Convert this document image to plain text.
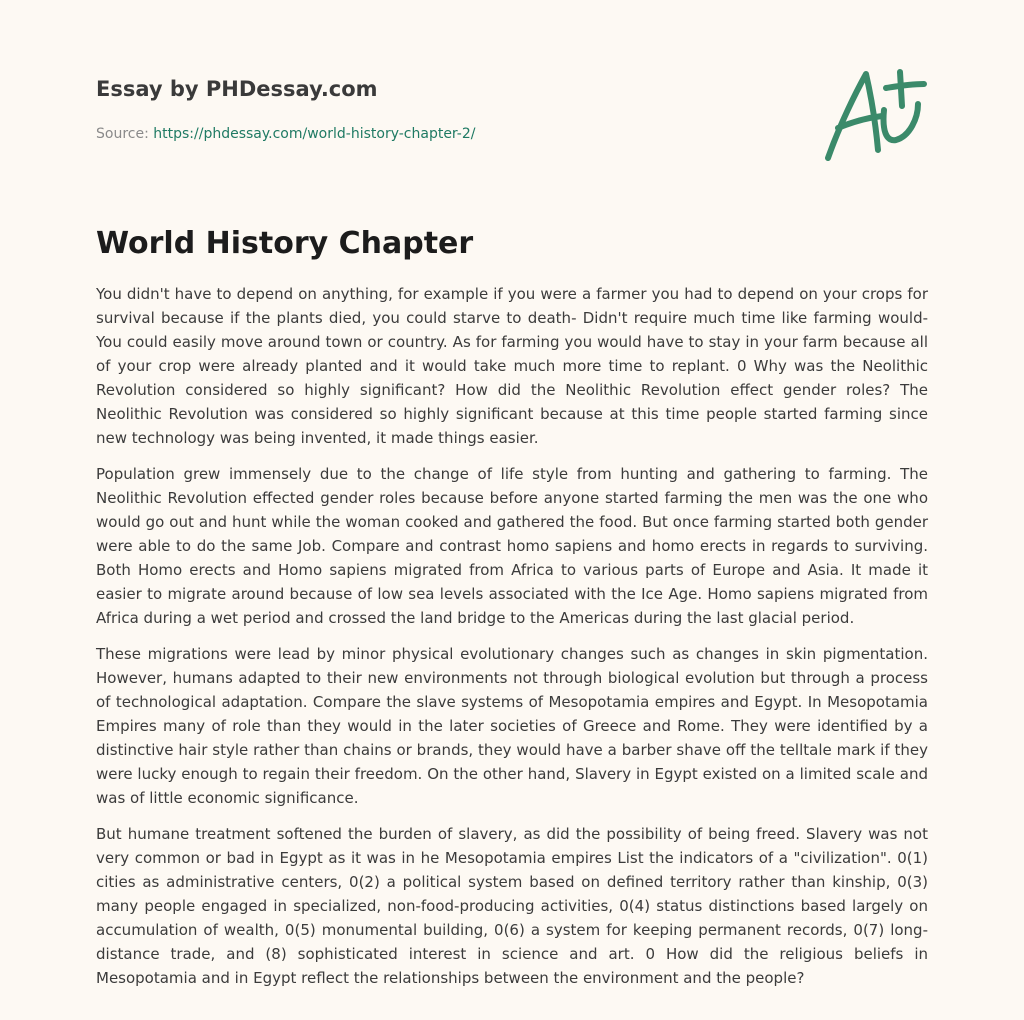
Essay by PHDessay.com
Source: https://phdessay.com/world-history-chapter-2/
World History Chapter

You didn't have to depend on anything, for example if you were a farmer you had to depend on your crops for survival because if the plants died, you could starve to death- Didn't require much time like farming would- You could easily move around town or country. As for farming you would have to stay in your farm because all of your crop were already planted and it would take much more time to replant. 0 Why was the Neolithic Revolution considered so highly significant? How did the Neolithic Revolution effect gender roles? The Neolithic Revolution was considered so highly significant because at this time people started farming since new technology was being invented, it made things easier.

Population grew immensely due to the change of life style from hunting and gathering to farming. The Neolithic Revolution effected gender roles because before anyone started farming the men was the one who would go out and hunt while the woman cooked and gathered the food. But once farming started both gender were able to do the same Job. Compare and contrast homo sapiens and homo erects in regards to surviving. Both Homo erects and Homo sapiens migrated from Africa to various parts of Europe and Asia. It made it easier to migrate around because of low sea levels associated with the Ice Age. Homo sapiens migrated from Africa during a wet period and crossed the land bridge to the Americas during the last glacial period.

These migrations were lead by minor physical evolutionary changes such as changes in skin pigmentation. However, humans adapted to their new environments not through biological evolution but through a process of technological adaptation. Compare the slave systems of Mesopotamia empires and Egypt. In Mesopotamia Empires many of role than they would in the later societies of Greece and Rome. They were identified by a distinctive hair style rather than chains or brands, they would have a barber shave off the telltale mark if they were lucky enough to regain their freedom. On the other hand, Slavery in Egypt existed on a limited scale and was of little economic significance.

But humane treatment softened the burden of slavery, as did the possibility of being freed. Slavery was not very common or bad in Egypt as it was in he Mesopotamia empires List the indicators of a "civilization". 0(1) cities as administrative centers, 0(2) a political system based on defined territory rather than kinship, 0(3) many people engaged in specialized, non-food-producing activities, 0(4) status distinctions based largely on accumulation of wealth, 0(5) monumental building, 0(6) a system for keeping permanent records, 0(7) long-distance trade, and (8) sophisticated interest in science and art. 0 How did the religious beliefs in Mesopotamia and in Egypt reflect the relationships between the environment and the people?
